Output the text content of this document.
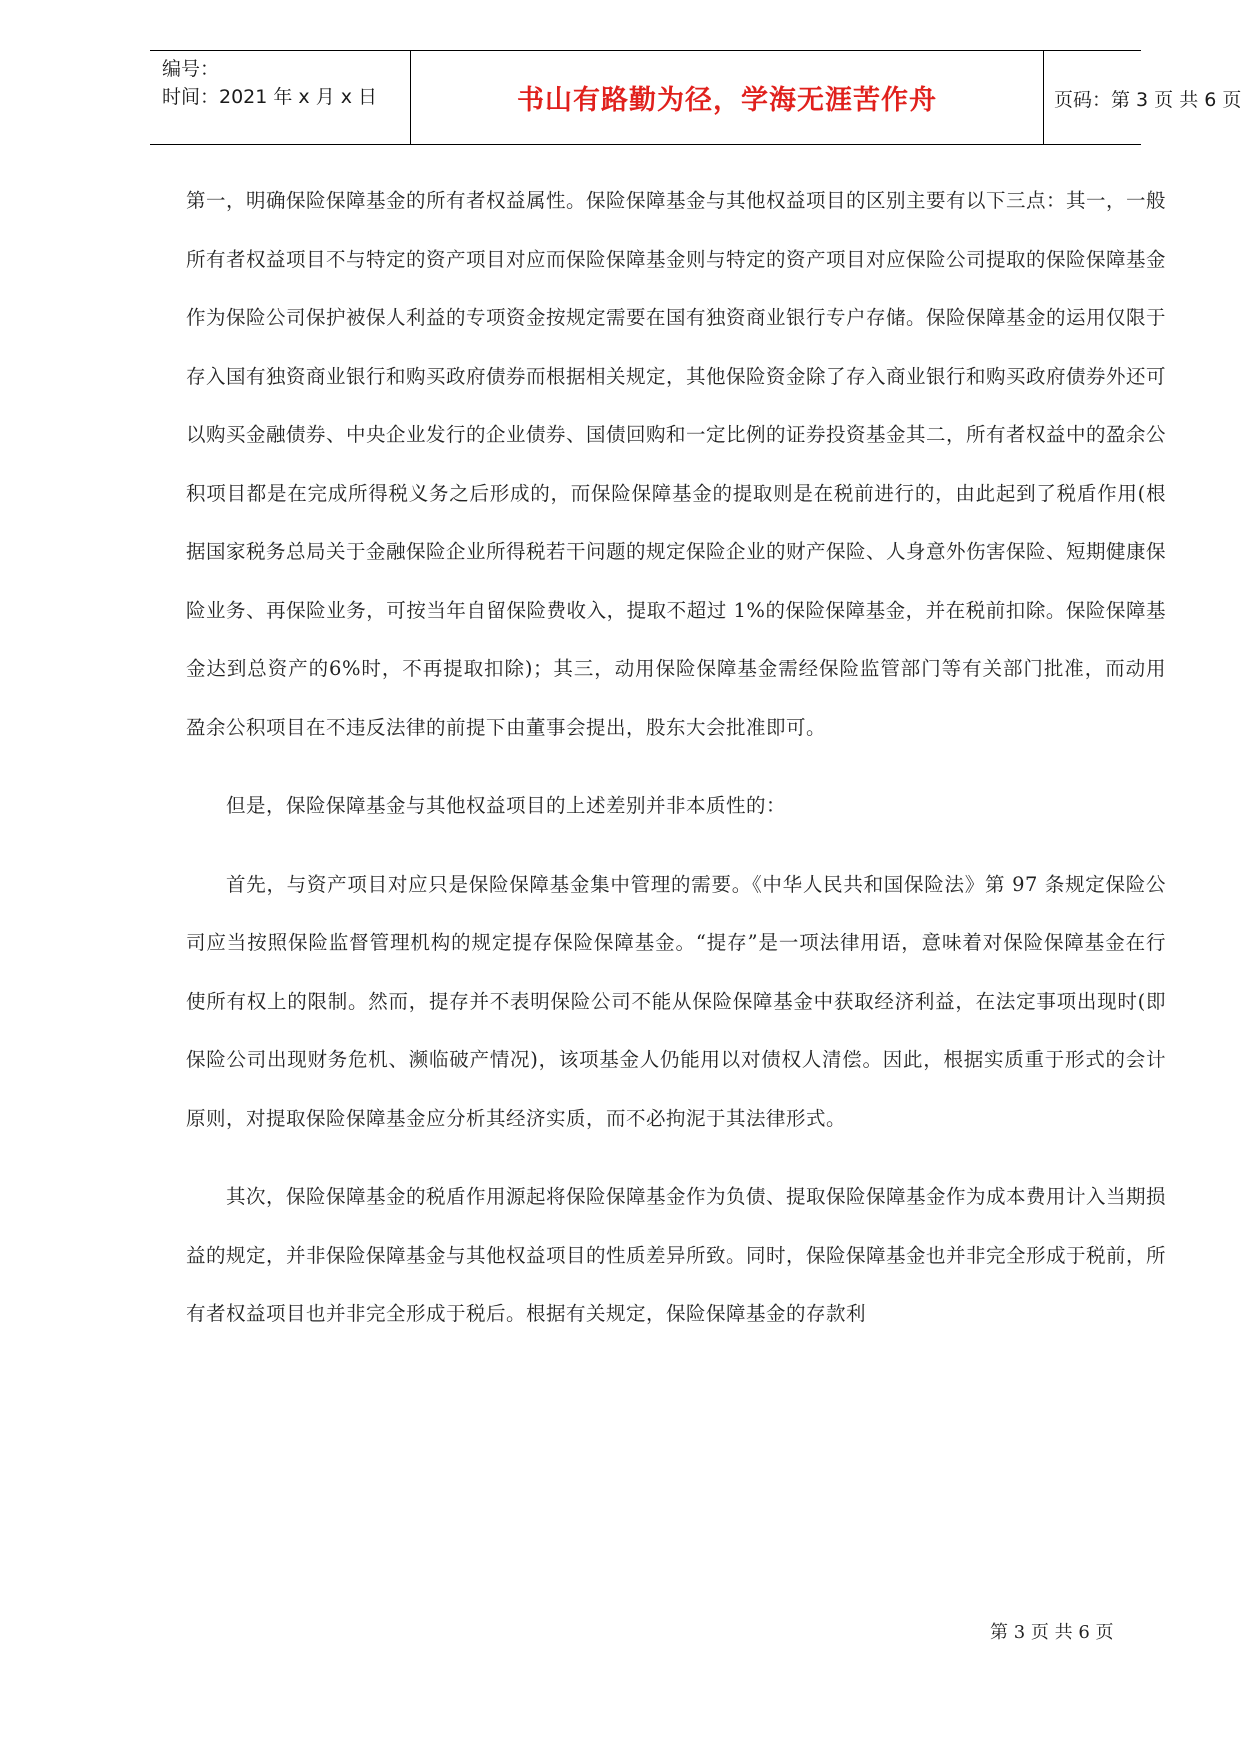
编号：
时间：2021 年 x 月 x 日	书山有路勤为径，学海无涯苦作舟	页码：第 3 页 共 6 页

第一，明确保险保障基金的所有者权益属性。保险保障基金与其他权益项目的区别主要有以下三点：其一，一般所有者权益项目不与特定的资产项目对应而保险保障基金则与特定的资产项目对应保险公司提取的保险保障基金作为保险公司保护被保人利益的专项资金按规定需要在国有独资商业银行专户存储。保险保障基金的运用仅限于存入国有独资商业银行和购买政府债券而根据相关规定，其他保险资金除了存入商业银行和购买政府债券外还可以购买金融债券、中央企业发行的企业债券、国债回购和一定比例的证券投资基金其二，所有者权益中的盈余公积项目都是在完成所得税义务之后形成的，而保险保障基金的提取则是在税前进行的，由此起到了税盾作用(根据国家税务总局关于金融保险企业所得税若干问题的规定保险企业的财产保险、人身意外伤害保险、短期健康保险业务、再保险业务，可按当年自留保险费收入，提取不超过 1%的保险保障基金，并在税前扣除。保险保障基金达到总资产的6%时，不再提取扣除)；其三，动用保险保障基金需经保险监管部门等有关部门批准，而动用盈余公积项目在不违反法律的前提下由董事会提出，股东大会批准即可。

但是，保险保障基金与其他权益项目的上述差别并非本质性的：

首先，与资产项目对应只是保险保障基金集中管理的需要。《中华人民共和国保险法》第 97 条规定保险公司应当按照保险监督管理机构的规定提存保险保障基金。“提存”是一项法律用语，意味着对保险保障基金在行使所有权上的限制。然而，提存并不表明保险公司不能从保险保障基金中获取经济利益，在法定事项出现时(即保险公司出现财务危机、濒临破产情况)，该项基金人仍能用以对债权人清偿。因此，根据实质重于形式的会计原则，对提取保险保障基金应分析其经济实质，而不必拘泥于其法律形式。

其次，保险保障基金的税盾作用源起将保险保障基金作为负债、提取保险保障基金作为成本费用计入当期损益的规定，并非保险保障基金与其他权益项目的性质差异所致。同时，保险保障基金也并非完全形成于税前，所有者权益项目也并非完全形成于税后。根据有关规定，保险保障基金的存款利

第 3 页 共 6 页
